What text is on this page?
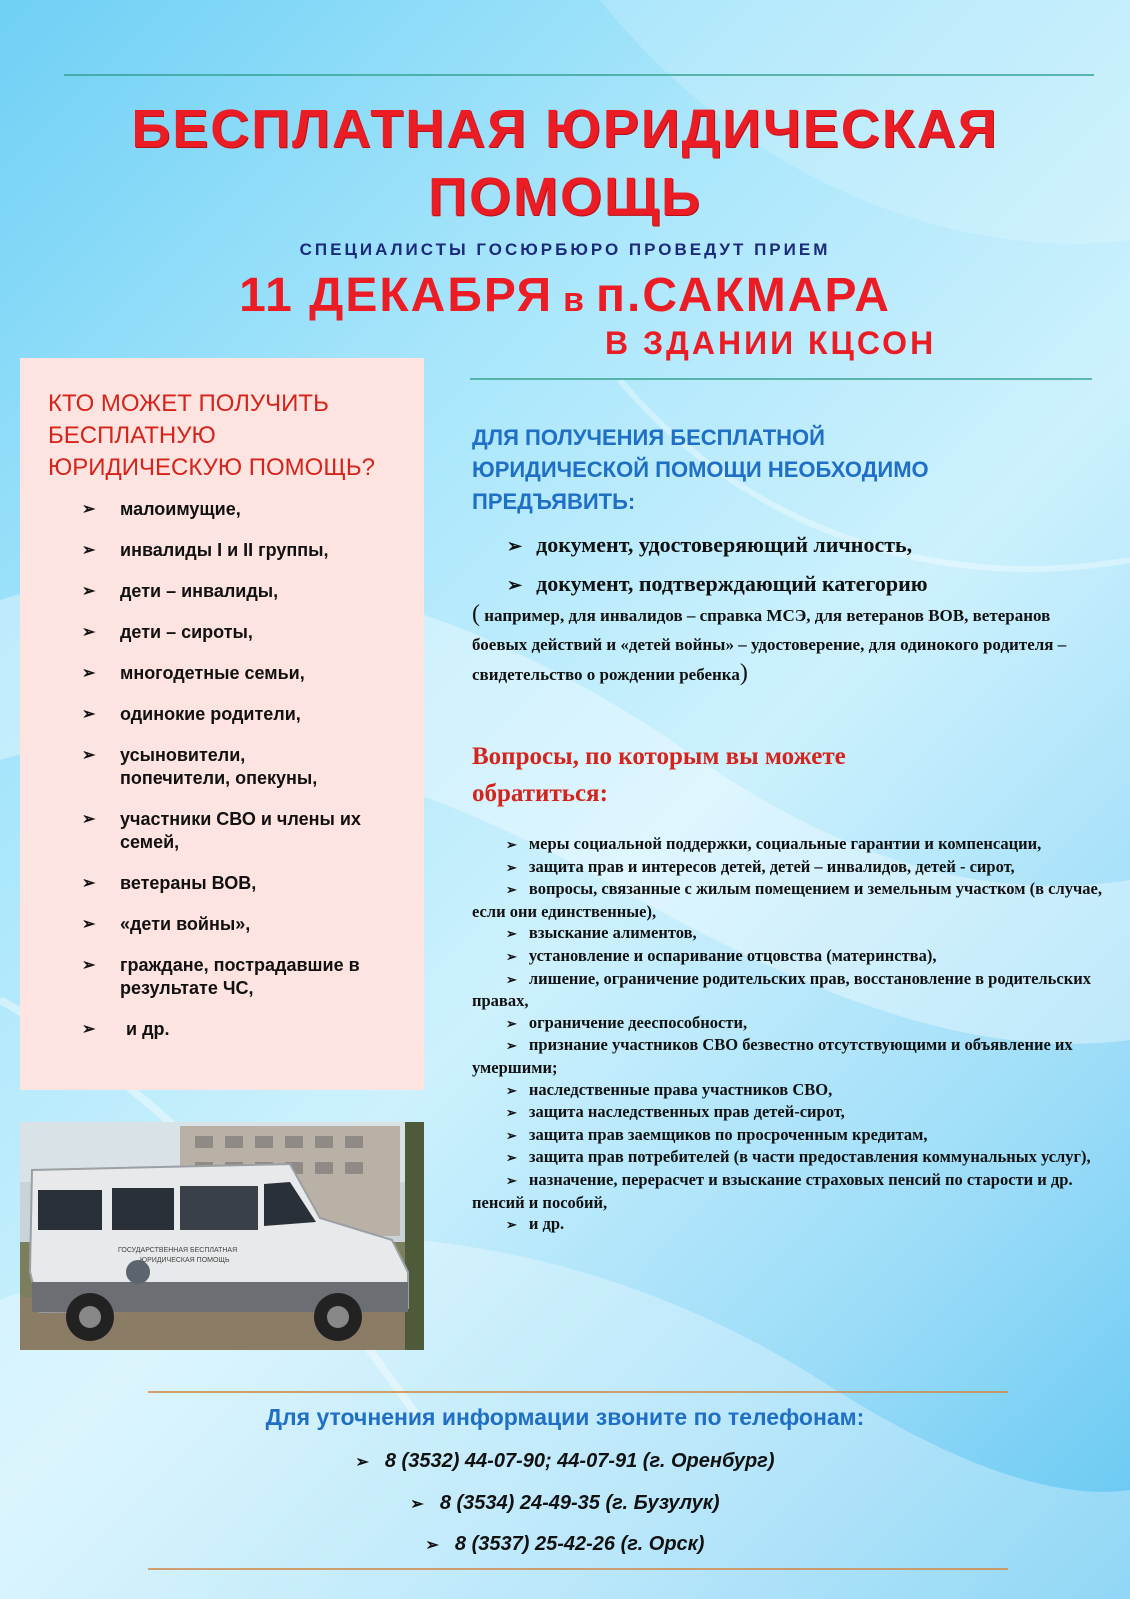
БЕСПЛАТНАЯ ЮРИДИЧЕСКАЯ
ПОМОЩЬ
СПЕЦИАЛИСТЫ ГОСЮРБЮРО ПРОВЕДУТ ПРИЕМ
11 ДЕКАБРЯ в п.САКМАРА
В ЗДАНИИ КЦСОН
КТО МОЖЕТ ПОЛУЧИТЬ
БЕСПЛАТНУЮ
ЮРИДИЧЕСКУЮ ПОМОЩЬ?
➢ малоимущие,
➢ инвалиды I и II группы,
➢ дети – инвалиды,
➢ дети – сироты,
➢ многодетные семьи,
➢ одинокие родители,
➢ усыновители, попечители, опекуны,
➢ участники СВО и члены их семей,
➢ ветераны ВОВ,
➢ «дети войны»,
➢ граждане, пострадавшие в результате ЧС,
➢ и др.
ГОСУДАРСТВЕННАЯ БЕСПЛАТНАЯ
ЮРИДИЧЕСКАЯ ПОМОЩЬ
ДЛЯ ПОЛУЧЕНИЯ БЕСПЛАТНОЙ
ЮРИДИЧЕСКОЙ ПОМОЩИ НЕОБХОДИМО
ПРЕДЪЯВИТЬ:
➢ документ, удостоверяющий личность,
➢ документ, подтверждающий категорию
( например, для инвалидов – справка МСЭ, для ветеранов ВОВ, ветеранов боевых действий и «детей войны» – удостоверение, для одинокого родителя – свидетельство о рождении ребенка)
Вопросы, по которым вы можете
обратиться:
➢ меры социальной поддержки, социальные гарантии и компенсации,
➢ защита прав и интересов детей, детей – инвалидов, детей - сирот,
➢ вопросы, связанные с жилым помещением и земельным участком (в случае, если они единственные),
➢ взыскание алиментов,
➢ установление и оспаривание отцовства (материнства),
➢ лишение, ограничение родительских прав, восстановление в родительских правах,
➢ ограничение дееспособности,
➢ признание участников СВО безвестно отсутствующими и объявление их умершими;
➢ наследственные права участников СВО,
➢ защита наследственных прав детей-сирот,
➢ защита прав заемщиков по просроченным кредитам,
➢ защита прав потребителей (в части предоставления коммунальных услуг),
➢ назначение, перерасчет и взыскание страховых пенсий по старости и др. пенсий и пособий,
➢ и др.
Для уточнения информации звоните по телефонам:
➢ 8 (3532) 44-07-90; 44-07-91 (г. Оренбург)
➢ 8 (3534) 24-49-35 (г. Бузулук)
➢ 8 (3537) 25-42-26 (г. Орск)
